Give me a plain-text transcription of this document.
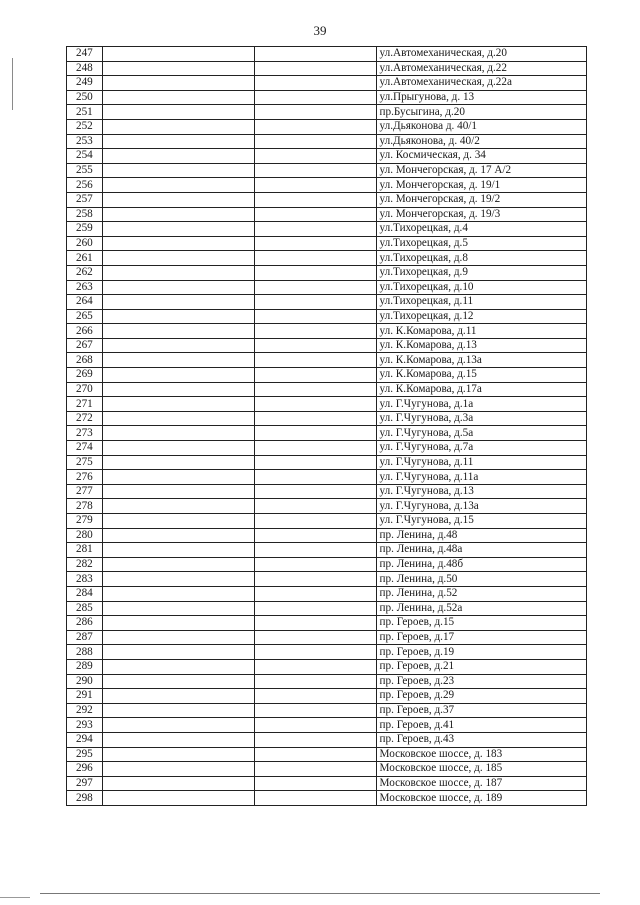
39
247			ул.Автомеханическая, д.20
248			ул.Автомеханическая, д.22
249			ул.Автомеханическая, д.22а
250			ул.Прыгунова, д. 13
251			пр.Бусыгина, д.20
252			ул.Дьяконова д. 40/1
253			ул.Дьяконова, д. 40/2
254			ул. Космическая, д. 34
255			ул. Мончегорская, д. 17 А/2
256			ул. Мончегорская, д. 19/1
257			ул. Мончегорская, д. 19/2
258			ул. Мончегорская, д. 19/3
259			ул.Тихорецкая, д.4
260			ул.Тихорецкая, д.5
261			ул.Тихорецкая, д.8
262			ул.Тихорецкая, д.9
263			ул.Тихорецкая, д.10
264			ул.Тихорецкая, д.11
265			ул.Тихорецкая, д.12
266			ул. К.Комарова, д.11
267			ул. К.Комарова, д.13
268			ул. К.Комарова, д.13а
269			ул. К.Комарова, д.15
270			ул. К.Комарова, д.17а
271			ул. Г.Чугунова, д.1а
272			ул. Г.Чугунова, д.3а
273			ул. Г.Чугунова, д.5а
274			ул. Г.Чугунова, д.7а
275			ул. Г.Чугунова, д.11
276			ул. Г.Чугунова, д.11а
277			ул. Г.Чугунова, д.13
278			ул. Г.Чугунова, д.13а
279			ул. Г.Чугунова, д.15
280			пр. Ленина, д.48
281			пр. Ленина, д.48а
282			пр. Ленина, д.48б
283			пр. Ленина, д.50
284			пр. Ленина, д.52
285			пр. Ленина, д.52а
286			пр. Героев, д.15
287			пр. Героев, д.17
288			пр. Героев, д.19
289			пр. Героев, д.21
290			пр. Героев, д.23
291			пр. Героев, д.29
292			пр. Героев, д.37
293			пр. Героев, д.41
294			пр. Героев, д.43
295			Московское шоссе, д. 183
296			Московское шоссе, д. 185
297			Московское шоссе, д. 187
298			Московское шоссе, д. 189
